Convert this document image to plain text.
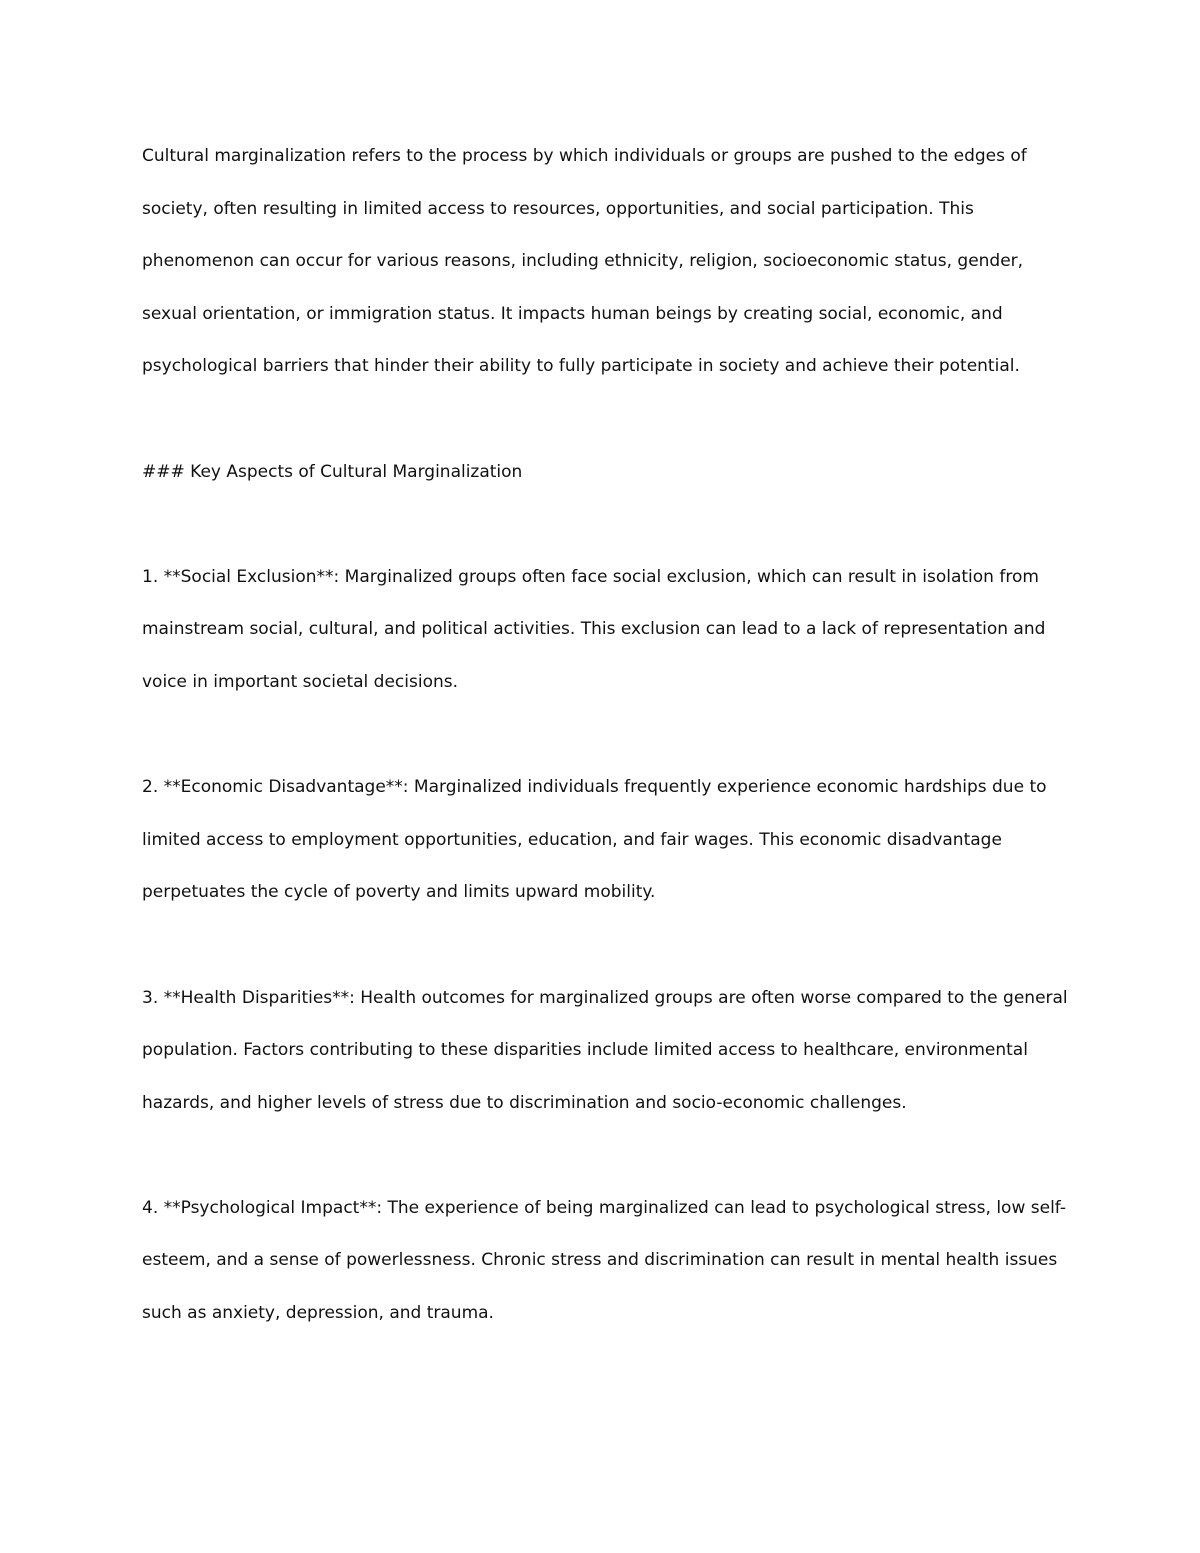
Cultural marginalization refers to the process by which individuals or groups are pushed to the edges of society, often resulting in limited access to resources, opportunities, and social participation. This phenomenon can occur for various reasons, including ethnicity, religion, socioeconomic status, gender, sexual orientation, or immigration status. It impacts human beings by creating social, economic, and psychological barriers that hinder their ability to fully participate in society and achieve their potential.

### Key Aspects of Cultural Marginalization

1. **Social Exclusion**: Marginalized groups often face social exclusion, which can result in isolation from mainstream social, cultural, and political activities. This exclusion can lead to a lack of representation and voice in important societal decisions.

2. **Economic Disadvantage**: Marginalized individuals frequently experience economic hardships due to limited access to employment opportunities, education, and fair wages. This economic disadvantage perpetuates the cycle of poverty and limits upward mobility.

3. **Health Disparities**: Health outcomes for marginalized groups are often worse compared to the general population. Factors contributing to these disparities include limited access to healthcare, environmental hazards, and higher levels of stress due to discrimination and socio-economic challenges.

4. **Psychological Impact**: The experience of being marginalized can lead to psychological stress, low self-esteem, and a sense of powerlessness. Chronic stress and discrimination can result in mental health issues such as anxiety, depression, and trauma.
